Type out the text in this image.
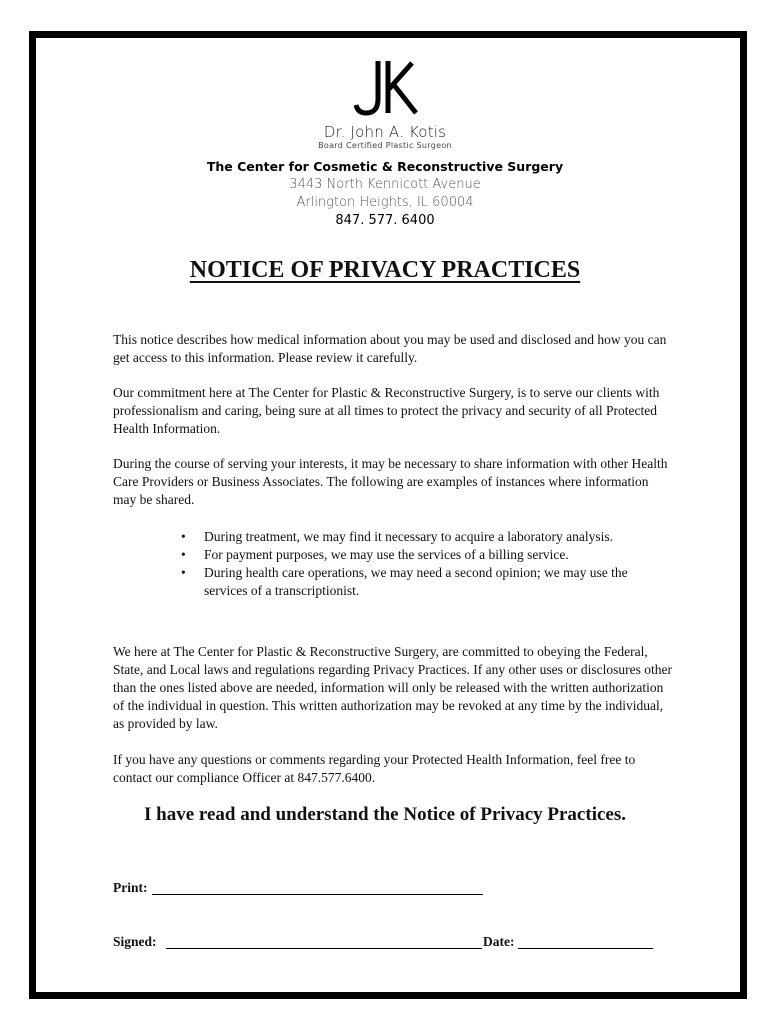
Dr. John A. Kotis
Board Certified Plastic Surgeon
The Center for Cosmetic & Reconstructive Surgery
3443 North Kennicott Avenue
Arlington Heights, IL 60004
847. 577. 6400
NOTICE OF PRIVACY PRACTICES

This notice describes how medical information about you may be used and disclosed and how you can get access to this information. Please review it carefully.

Our commitment here at The Center for Plastic & Reconstructive Surgery, is to serve our clients with professionalism and caring, being sure at all times to protect the privacy and security of all Protected Health Information.

During the course of serving your interests, it may be necessary to share information with other Health Care Providers or Business Associates. The following are examples of instances where information may be shared.

• During treatment, we may find it necessary to acquire a laboratory analysis.
• For payment purposes, we may use the services of a billing service.
• During health care operations, we may need a second opinion; we may use the services of a transcriptionist.

We here at The Center for Plastic & Reconstructive Surgery, are committed to obeying the Federal, State, and Local laws and regulations regarding Privacy Practices. If any other uses or disclosures other than the ones listed above are needed, information will only be released with the written authorization of the individual in question. This written authorization may be revoked at any time by the individual, as provided by law.

If you have any questions or comments regarding your Protected Health Information, feel free to contact our compliance Officer at 847.577.6400.

I have read and understand the Notice of Privacy Practices.
Print:
Signed:	Date:
